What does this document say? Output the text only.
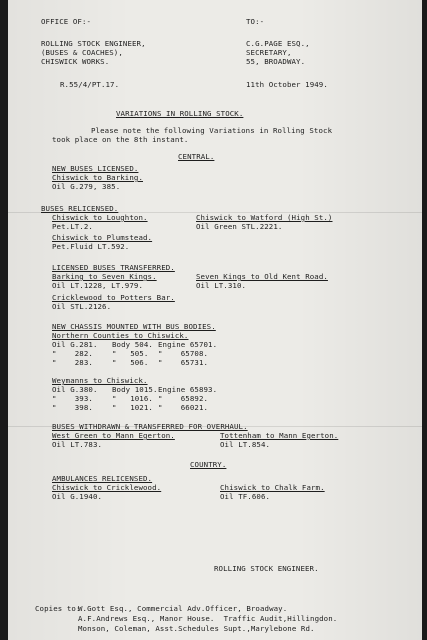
OFFICE OF:-	TO:-
ROLLING STOCK ENGINEER,
(BUSES & COACHES),
CHISWICK WORKS.
C.G.PAGE ESQ.,
SECRETARY,
55, BROADWAY.
R.55/4/PT.17.	11th October 1949.
VARIATIONS IN ROLLING STOCK.
Please note the following Variations in Rolling Stock
took place on the 8th instant.
CENTRAL.
NEW BUSES LICENSED.
Chiswick to Barking.
Oil G.279, 385.
BUSES RELICENSED.
Chiswick to Loughton.
Pet.LT.2.
Chiswick to Plumstead.
Pet.Fluid LT.592.
Chiswick to Watford (High St.)
Oil Green STL.2221.
LICENSED BUSES TRANSFERRED.
Barking to Seven Kings.
Oil LT.1228, LT.979.
Cricklewood to Potters Bar.
Oil STL.2126.
Seven Kings to Old Kent Road.
Oil LT.310.
NEW CHASSIS MOUNTED WITH BUS BODIES.
Northern Counties to Chiswick.
Oil G.281. Body 504. Engine 65701.
"    282.	"   505. "    65708.
"    283.	"   506. "    65731.
Weymanns to Chiswick.
Oil G.380. Body 1015. Engine 65893.
"    393.	"   1016. "    65892.
"    398.	"   1021. "    66021.
BUSES WITHDRAWN & TRANSFERRED FOR OVERHAUL.
West Green to Mann Egerton.
Oil LT.783.
Tottenham to Mann Egerton.
Oil LT.854.
COUNTRY.
AMBULANCES RELICENSED.
Chiswick to Cricklewood.
Oil G.1940.
Chiswick to Chalk Farm.
Oil TF.606.
ROLLING STOCK ENGINEER.
Copies to:
W.Gott Esq., Commercial Adv.Officer, Broadway.
A.F.Andrews Esq., Manor House.  Traffic Audit,Hillingdon.
Monson, Coleman, Asst.Schedules Supt.,Marylebone Rd.
